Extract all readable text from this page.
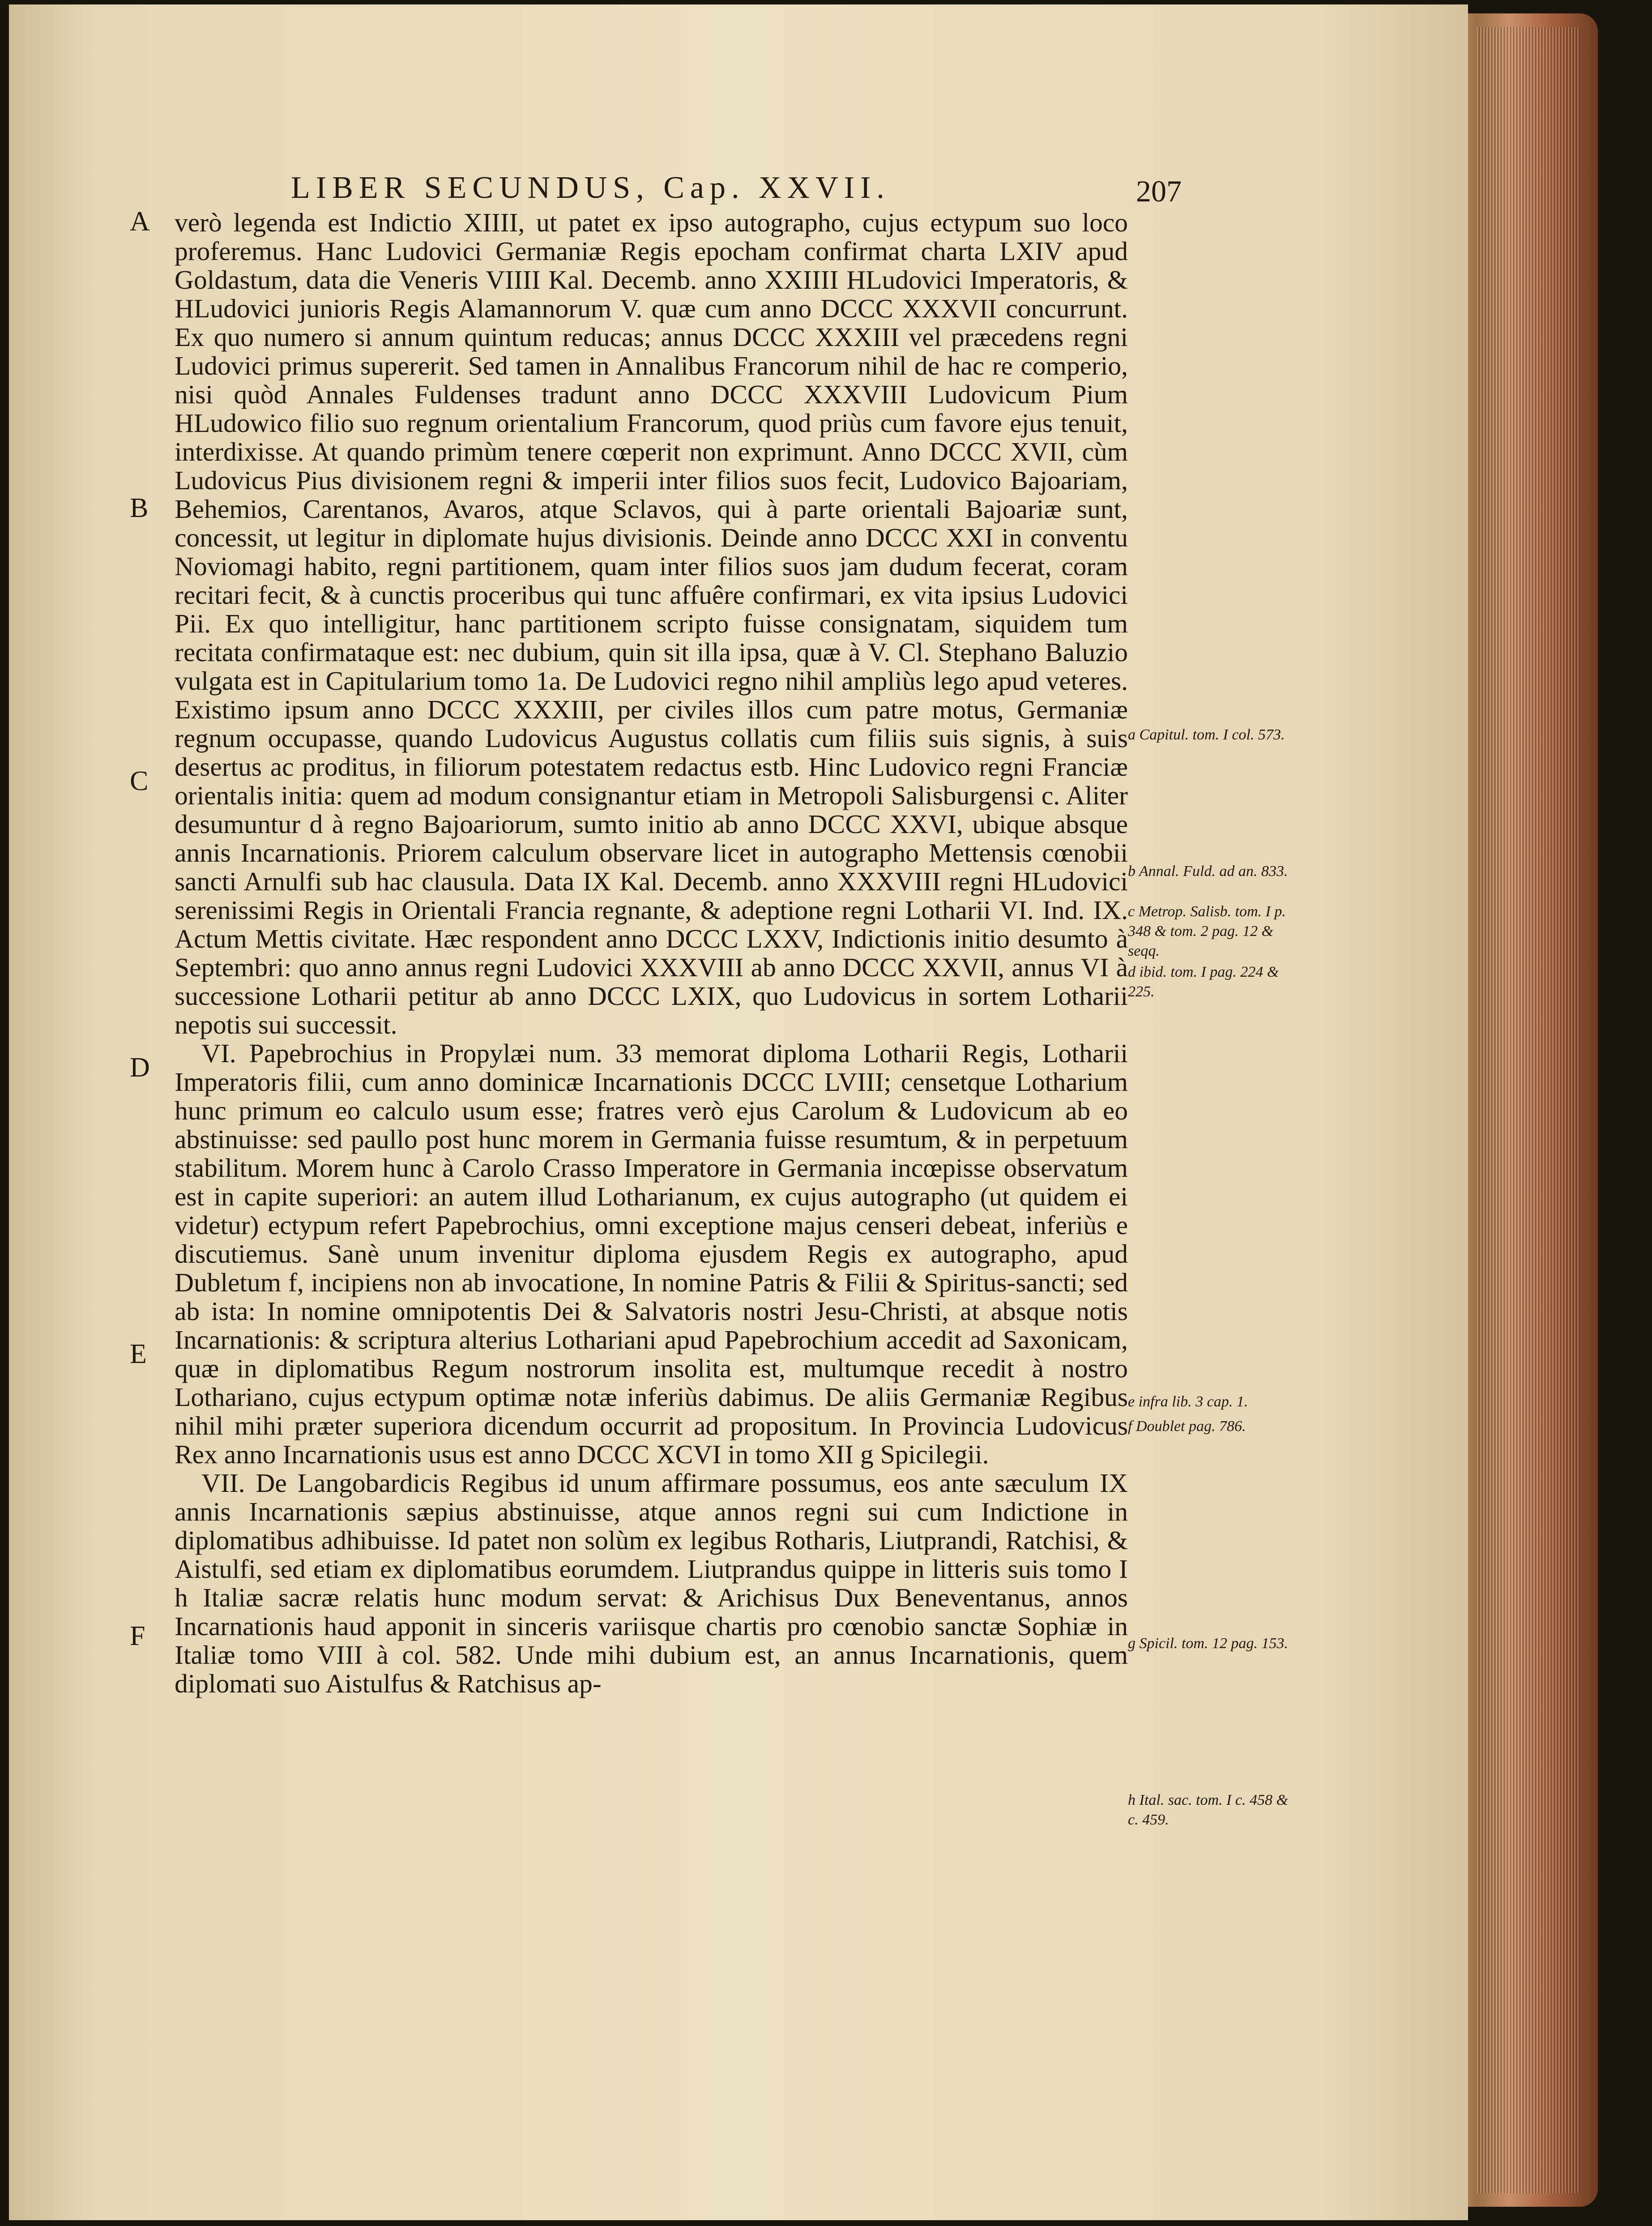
LIBER SECUNDUS, Cap. XXVII.	207
A
B
C
D
E
F

verò legenda est Indictio XIIII, ut patet ex ipso autographo, cujus ectypum suo loco proferemus. Hanc Ludovici Germaniæ Regis epocham confirmat charta LXIV apud Goldastum, data die Veneris VIIII Kal. Decemb. anno XXIIII HLudovici Imperatoris, & HLudovici junioris Regis Alamannorum V. quæ cum anno DCCC XXXVII concurrunt. Ex quo numero si annum quintum reducas; annus DCCC XXXIII vel præcedens regni Ludovici primus supererit. Sed tamen in Annalibus Francorum nihil de hac re comperio, nisi quòd Annales Fuldenses tradunt anno DCCC XXXVIII Ludovicum Pium HLudowico filio suo regnum orientalium Francorum, quod priùs cum favore ejus tenuit, interdixisse. At quando primùm tenere cœperit non exprimunt. Anno DCCC XVII, cùm Ludovicus Pius divisionem regni & imperii inter filios suos fecit, Ludovico Bajoariam, Behemios, Carentanos, Avaros, atque Sclavos, qui à parte orientali Bajoariæ sunt, concessit, ut legitur in diplomate hujus divisionis. Deinde anno DCCC XXI in conventu Noviomagi habito, regni partitionem, quam inter filios suos jam dudum fecerat, coram recitari fecit, & à cunctis proceribus qui tunc affuêre confirmari, ex vita ipsius Ludovici Pii. Ex quo intelligitur, hanc partitionem scripto fuisse consignatam, siquidem tum recitata confirmataque est: nec dubium, quin sit illa ipsa, quæ à V. Cl. Stephano Baluzio vulgata est in Capitularium tomo 1a. De Ludovici regno nihil ampliùs lego apud veteres. Existimo ipsum anno DCCC XXXIII, per civiles illos cum patre motus, Germaniæ regnum occupasse, quando Ludovicus Augustus collatis cum filiis suis signis, à suis desertus ac proditus, in filiorum potestatem redactus estb. Hinc Ludovico regni Franciæ orientalis initia: quem ad modum consignantur etiam in Metropoli Salisburgensi c. Aliter desumuntur d à regno Bajoariorum, sumto initio ab anno DCCC XXVI, ubique absque annis Incarnationis. Priorem calculum observare licet in autographo Mettensis cœnobii sancti Arnulfi sub hac clausula. Data IX Kal. Decemb. anno XXXVIII regni HLudovici serenissimi Regis in Orientali Francia regnante, & adeptione regni Lotharii VI. Ind. IX. Actum Mettis civitate. Hæc respondent anno DCCC LXXV, Indictionis initio desumto à Septembri: quo anno annus regni Ludovici XXXVIII ab anno DCCC XXVII, annus VI à successione Lotharii petitur ab anno DCCC LXIX, quo Ludovicus in sortem Lotharii nepotis sui successit.

VI. Papebrochius in Propylæi num. 33 memorat diploma Lotharii Regis, Lotharii Imperatoris filii, cum anno dominicæ Incarnationis DCCC LVIII; censetque Lotharium hunc primum eo calculo usum esse; fratres verò ejus Carolum & Ludovicum ab eo abstinuisse: sed paullo post hunc morem in Germania fuisse resumtum, & in perpetuum stabilitum. Morem hunc à Carolo Crasso Imperatore in Germania incœpisse observatum est in capite superiori: an autem illud Lotharianum, ex cujus autographo (ut quidem ei videtur) ectypum refert Papebrochius, omni exceptione majus censeri debeat, inferiùs e discutiemus. Sanè unum invenitur diploma ejusdem Regis ex autographo, apud Dubletum f, incipiens non ab invocatione, In nomine Patris & Filii & Spiritus-sancti; sed ab ista: In nomine omnipotentis Dei & Salvatoris nostri Jesu-Christi, at absque notis Incarnationis: & scriptura alterius Lothariani apud Papebrochium accedit ad Saxonicam, quæ in diplomatibus Regum nostrorum insolita est, multumque recedit à nostro Lothariano, cujus ectypum optimæ notæ inferiùs dabimus. De aliis Germaniæ Regibus nihil mihi præter superiora dicendum occurrit ad propositum. In Provincia Ludovicus Rex anno Incarnationis usus est anno DCCC XCVI in tomo XII g Spicilegii.

VII. De Langobardicis Regibus id unum affirmare possumus, eos ante sæculum IX annis Incarnationis sæpius abstinuisse, atque annos regni sui cum Indictione in diplomatibus adhibuisse. Id patet non solùm ex legibus Rotharis, Liutprandi, Ratchisi, & Aistulfi, sed etiam ex diplomatibus eorumdem. Liutprandus quippe in litteris suis tomo I h Italiæ sacræ relatis hunc modum servat: & Arichisus Dux Beneventanus, annos Incarnationis haud apponit in sinceris variisque chartis pro cœnobio sanctæ Sophiæ in Italiæ tomo VIII à col. 582. Unde mihi dubium est, an annus Incarnationis, quem diplomati suo Aistulfus & Ratchisus ap-

a Capitul. tom. I col. 573.
b Annal. Fuld. ad an. 833.
c Metrop. Salisb. tom. I p. 348 & tom. 2 pag. 12 & seqq.
d ibid. tom. I pag. 224 & 225.
e infra lib. 3 cap. 1.
f Doublet pag. 786.
g Spicil. tom. 12 pag. 153.
h Ital. sac. tom. I c. 458 & c. 459.
